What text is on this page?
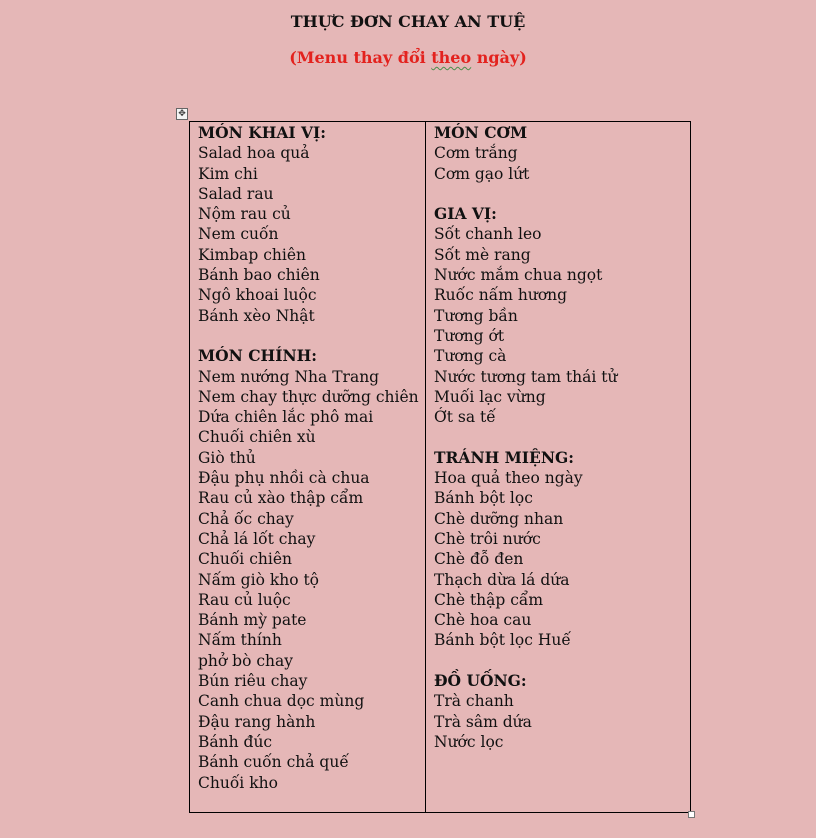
THỰC ĐƠN CHAY AN TUỆ
(Menu thay đổi theo ngày)
✥
MÓN KHAI VỊ:
Salad hoa quả
Kim chi
Salad rau
Nộm rau củ
Nem cuốn
Kimbap chiên
Bánh bao chiên
Ngô khoai luộc
Bánh xèo Nhật
MÓN CHÍNH:
Nem nướng Nha Trang
Nem chay thực dưỡng chiên
Dứa chiên lắc phô mai
Chuối chiên xù
Giò thủ
Đậu phụ nhồi cà chua
Rau củ xào thập cẩm
Chả ốc chay
Chả lá lốt chay
Chuối chiên
Nấm giò kho tộ
Rau củ luộc
Bánh mỳ pate
Nấm thính
phở bò chay
Bún riêu chay
Canh chua dọc mùng
Đậu rang hành
Bánh đúc
Bánh cuốn chả quế
Chuối kho
MÓN CƠM
Cơm trắng
Cơm gạo lứt
GIA VỊ:
Sốt chanh leo
Sốt mè rang
Nước mắm chua ngọt
Ruốc nấm hương
Tương bần
Tương ớt
Tương cà
Nước tương tam thái tử
Muối lạc vừng
Ớt sa tế
TRÁNH MIỆNG:
Hoa quả theo ngày
Bánh bột lọc
Chè dưỡng nhan
Chè trôi nước
Chè đỗ đen
Thạch dừa lá dứa
Chè thập cẩm
Chè hoa cau
Bánh bột lọc Huế
ĐỒ UỐNG:
Trà chanh
Trà sâm dứa
Nước lọc
